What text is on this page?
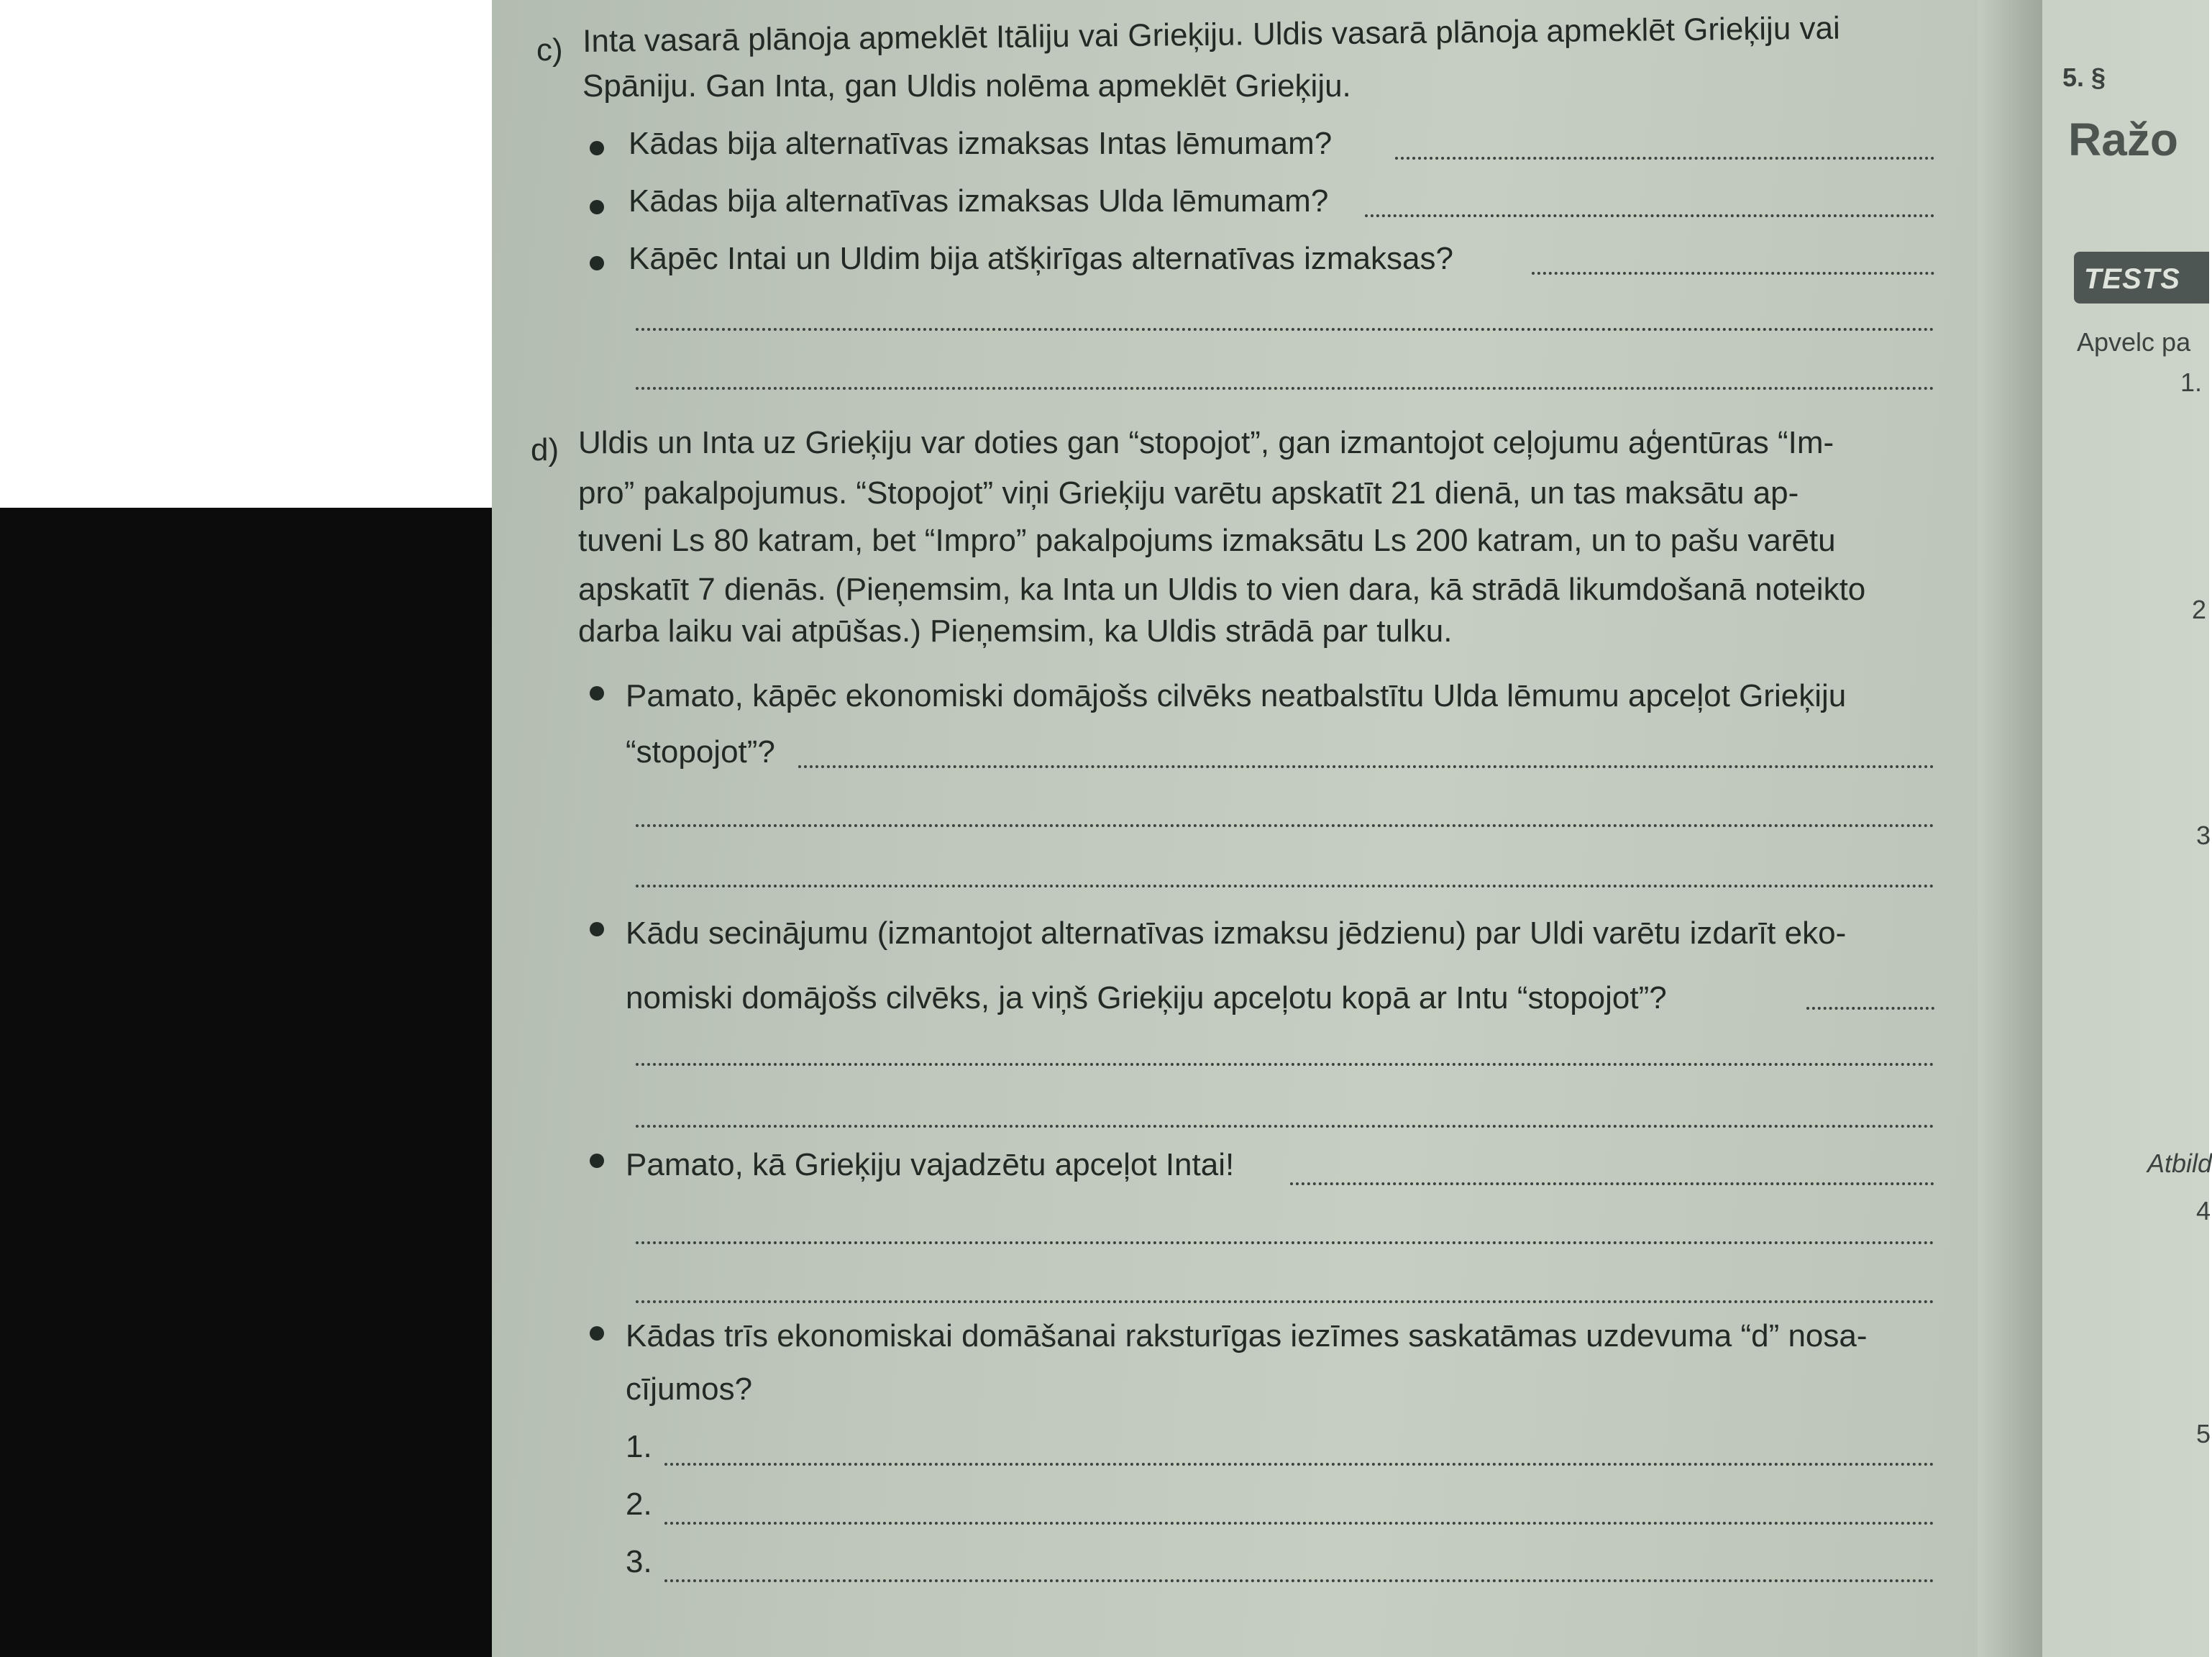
c) Inta vasarā plānoja apmeklēt Itāliju vai Grieķiju. Uldis vasarā plānoja apmeklēt Grieķiju vai
Spāniju. Gan Inta, gan Uldis nolēma apmeklēt Grieķiju.
Kādas bija alternatīvas izmaksas Intas lēmumam?
Kādas bija alternatīvas izmaksas Ulda lēmumam?
Kāpēc Intai un Uldim bija atšķirīgas alternatīvas izmaksas?
d) Uldis un Inta uz Grieķiju var doties gan “stopojot”, gan izmantojot ceļojumu aģentūras “Im-
pro” pakalpojumus. “Stopojot” viņi Grieķiju varētu apskatīt 21 dienā, un tas maksātu ap-
tuveni Ls 80 katram, bet “Impro” pakalpojums izmaksātu Ls 200 katram, un to pašu varētu
apskatīt 7 dienās. (Pieņemsim, ka Inta un Uldis to vien dara, kā strādā likumdošanā noteikto
darba laiku vai atpūšas.) Pieņemsim, ka Uldis strādā par tulku.
Pamato, kāpēc ekonomiski domājošs cilvēks neatbalstītu Ulda lēmumu apceļot Grieķiju
“stopojot”?
Kādu secinājumu (izmantojot alternatīvas izmaksu jēdzienu) par Uldi varētu izdarīt eko-
nomiski domājošs cilvēks, ja viņš Grieķiju apceļotu kopā ar Intu “stopojot”?
Pamato, kā Grieķiju vajadzētu apceļot Intai!
Kādas trīs ekonomiskai domāšanai raksturīgas iezīmes saskatāmas uzdevuma “d” nosa-
cījumos?
1.
2.
3.
5. §
Ražo
TESTS
Apvelc pa
1.
2
3
Atbild
4
5
